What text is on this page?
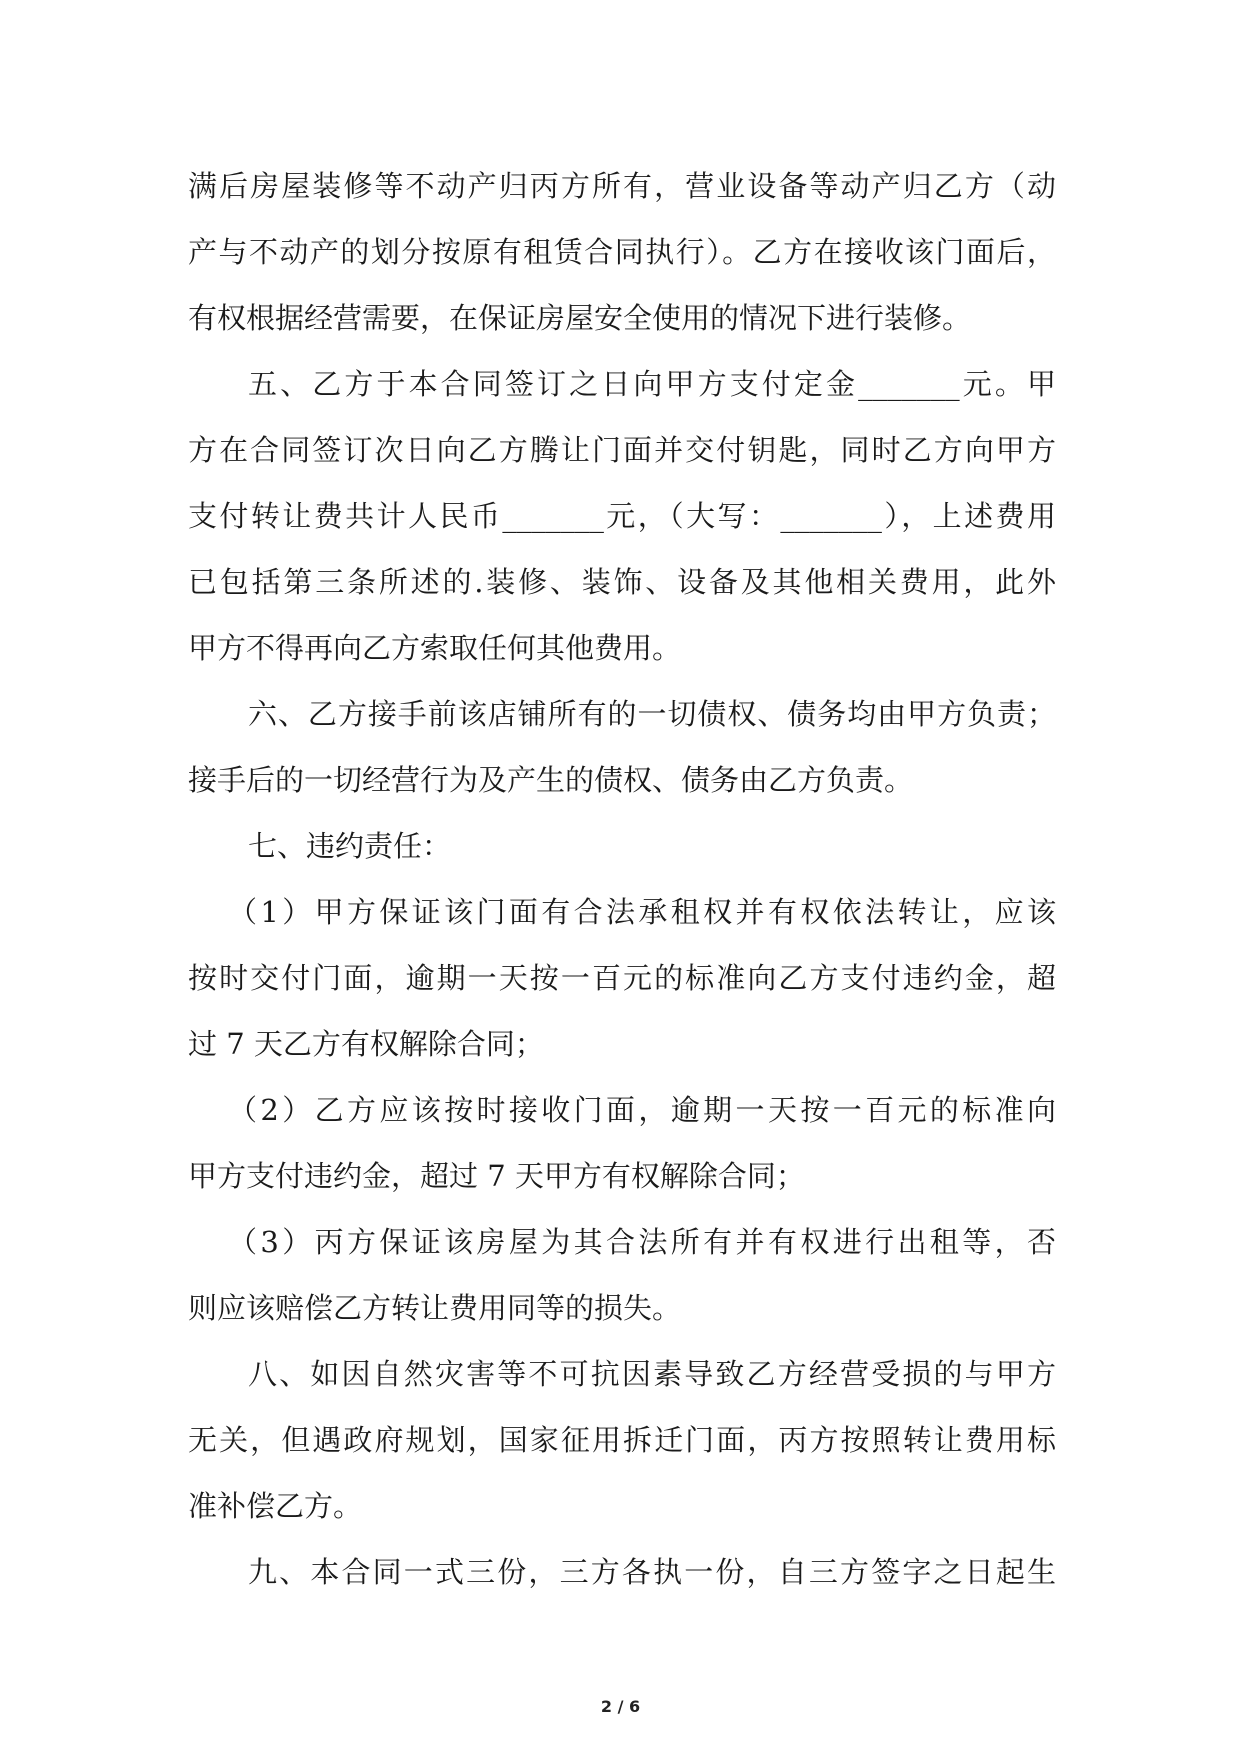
满后房屋装修等不动产归丙方所有，营业设备等动产归乙方（动
产与不动产的划分按原有租赁合同执行）。乙方在接收该门面后，
有权根据经营需要，在保证房屋安全使用的情况下进行装修。
五、乙方于本合同签订之日向甲方支付定金_______元。甲
方在合同签订次日向乙方腾让门面并交付钥匙，同时乙方向甲方
支付转让费共计人民币_______元，（大写：_______），上述费用
已包括第三条所述的.装修、装饰、设备及其他相关费用，此外
甲方不得再向乙方索取任何其他费用。
六、乙方接手前该店铺所有的一切债权、债务均由甲方负责；
接手后的一切经营行为及产生的债权、债务由乙方负责。
七、违约责任：
（1）甲方保证该门面有合法承租权并有权依法转让，应该
按时交付门面，逾期一天按一百元的标准向乙方支付违约金，超
过 7 天乙方有权解除合同；
（2）乙方应该按时接收门面，逾期一天按一百元的标准向
甲方支付违约金，超过 7 天甲方有权解除合同；
（3）丙方保证该房屋为其合法所有并有权进行出租等，否
则应该赔偿乙方转让费用同等的损失。
八、如因自然灾害等不可抗因素导致乙方经营受损的与甲方
无关，但遇政府规划，国家征用拆迁门面，丙方按照转让费用标
准补偿乙方。
九、本合同一式三份，三方各执一份，自三方签字之日起生
2 / 6
